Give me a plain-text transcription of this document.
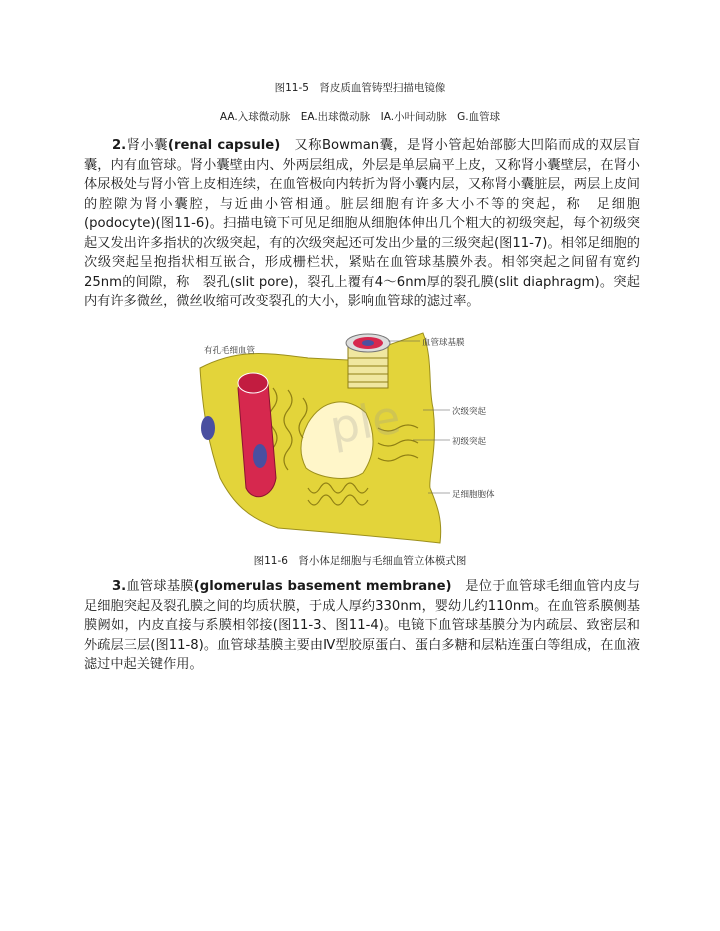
图11-5　肾皮质血管铸型扫描电镜像
AA.入球微动脉　EA.出球微动脉　IA.小叶间动脉　G.血管球

2.肾小囊(renal capsule)　又称Bowman囊，是肾小管起始部膨大凹陷而成的双层盲囊，内有血管球。肾小囊壁由内、外两层组成，外层是单层扁平上皮，又称肾小囊壁层，在肾小体尿极处与肾小管上皮相连续，在血管极向内转折为肾小囊内层，又称肾小囊脏层，两层上皮间的腔隙为肾小囊腔，与近曲小管相通。脏层细胞有许多大小不等的突起，称　足细胞(podocyte)(图11-6)。扫描电镜下可见足细胞从细胞体伸出几个粗大的初级突起，每个初级突起又发出许多指状的次级突起，有的次级突起还可发出少量的三级突起(图11-7)。相邻足细胞的次级突起呈抱指状相互嵌合，形成栅栏状，紧贴在血管球基膜外表。相邻突起之间留有宽约25nm的间隙，称　裂孔(slit pore)，裂孔上覆有4～6nm厚的裂孔膜(slit diaphragm)。突起内有许多微丝，微丝收缩可改变裂孔的大小，影响血管球的滤过率。

有孔毛细血管
血管球基膜
次级突起
初级突起
足细胞胞体
ple
图11-6　肾小体足细胞与毛细血管立体模式图

3.血管球基膜(glomerulas basement membrane)　是位于血管球毛细血管内皮与足细胞突起及裂孔膜之间的均质状膜，于成人厚约330nm，婴幼儿约110nm。在血管系膜侧基膜阙如，内皮直接与系膜相邻接(图11-3、图11-4)。电镜下血管球基膜分为内疏层、致密层和外疏层三层(图11-8)。血管球基膜主要由Ⅳ型胶原蛋白、蛋白多糖和层粘连蛋白等组成，在血液滤过中起关键作用。
